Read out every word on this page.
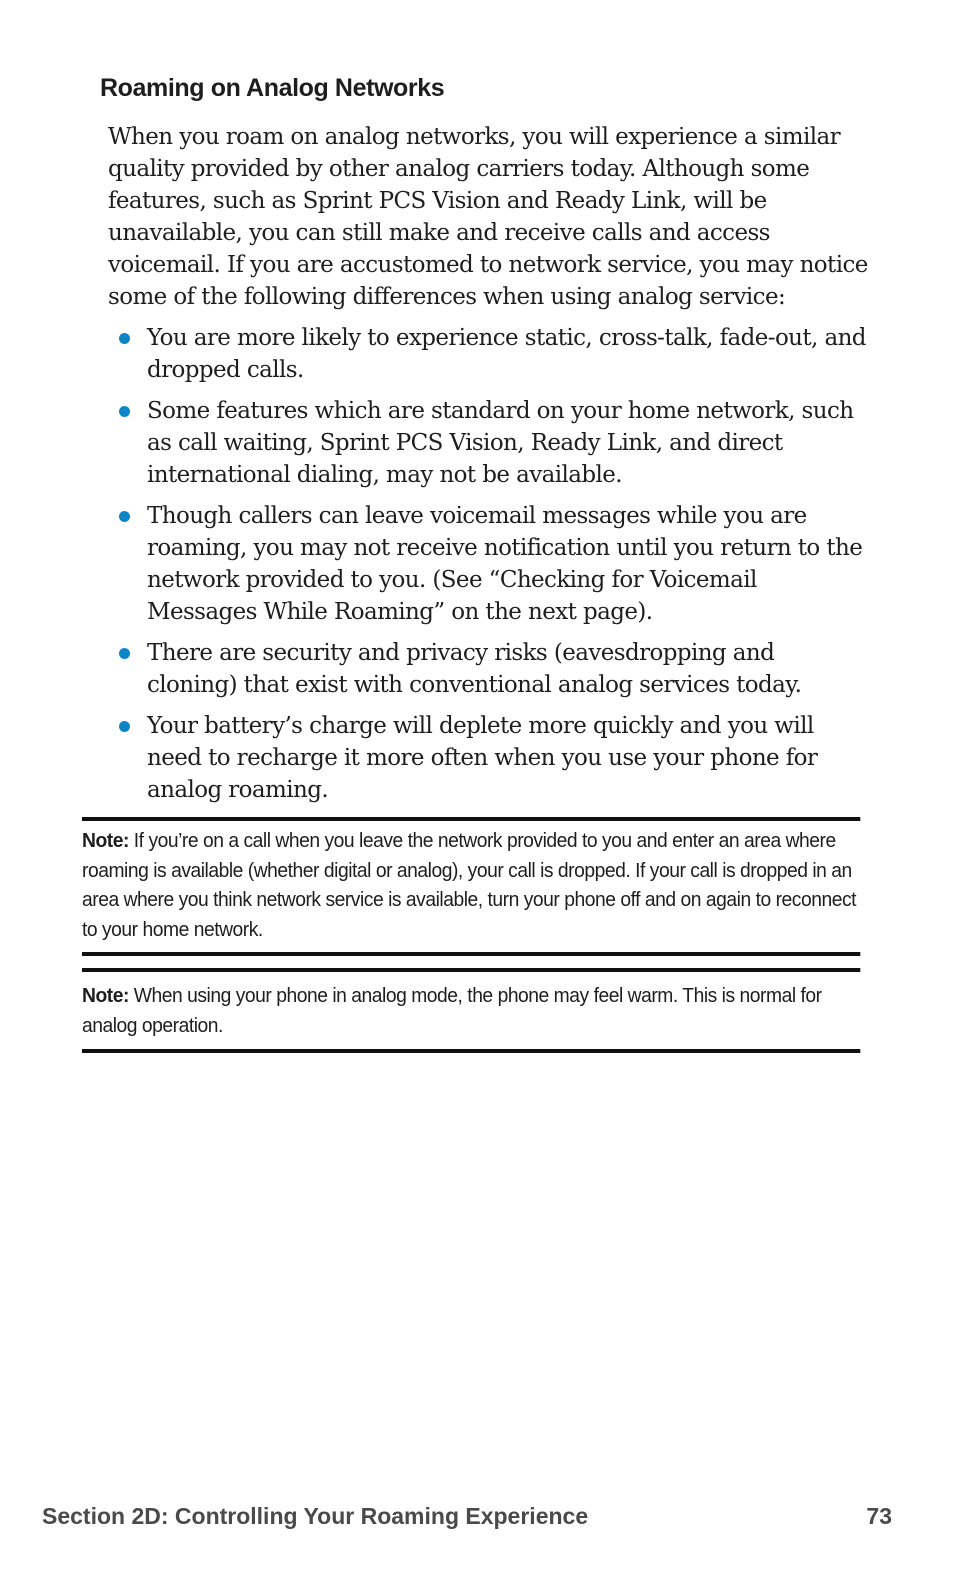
Roaming on Analog Networks

When you roam on analog networks, you will experience a similar quality provided by other analog carriers today. Although some features, such as Sprint PCS Vision and Ready Link, will be unavailable, you can still make and receive calls and access voicemail. If you are accustomed to network service, you may notice some of the following differences when using analog service:

You are more likely to experience static, cross-talk, fade-out, and dropped calls.
Some features which are standard on your home network, such as call waiting, Sprint PCS Vision, Ready Link, and direct international dialing, may not be available.
Though callers can leave voicemail messages while you are roaming, you may not receive notification until you return to the network provided to you. (See “Checking for Voicemail Messages While Roaming” on the next page).
There are security and privacy risks (eavesdropping and cloning) that exist with conventional analog services today.
Your battery’s charge will deplete more quickly and you will need to recharge it more often when you use your phone for analog roaming.
Note: If you’re on a call when you leave the network provided to you and enter an area where roaming is available (whether digital or analog), your call is dropped. If your call is dropped in an area where you think network service is available, turn your phone off and on again to reconnect to your home network.
Note: When using your phone in analog mode, the phone may feel warm. This is normal for analog operation.
Section 2D: Controlling Your Roaming Experience	73
